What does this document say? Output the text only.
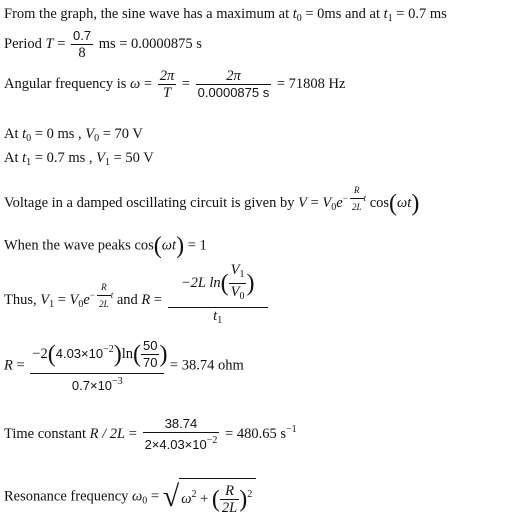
From the graph, the sine wave has a maximum at $t_0 = 0ms$ and at $t_1 = 0.7$ ms
Period $T = \frac{0.7}{8}$ ms = 0.0000875 s
Angular frequency is $\omega = \frac{2\pi}{T} = \frac{2\pi}{0.0000875 s} = 71808$ Hz
At $t_0 = 0$ ms , $V_0 = 70$ V
At $t_1 = 0.7$ ms , $V_1 = 50$ V
Voltage in a damped oscillating circuit is given by $V = V_0e^{- \frac{R}{2L} t}$ cos(ωt)
When the wave peaks cos(ωt) = 1
Thus, $V_1 = V_0e^{- \frac{R}{2L} t}$ and $R = \frac{-2L \ln( \frac{V_1}{V_0} )}{t_1}$
$R = \frac{-2(4.03\times 10^{-2})\ln( \frac{50}{70} )}{0.7\times 10^{-3}} = 38.74$ ohm
Time constant $R / 2L = \frac{38.74}{2\times 4.03\times 10^{-2}} = 480.65$ $s^{-1}$
Resonance frequency $\omega_0$ = √ $\omega^2$ + ( $\frac{R}{2L} )^2$
